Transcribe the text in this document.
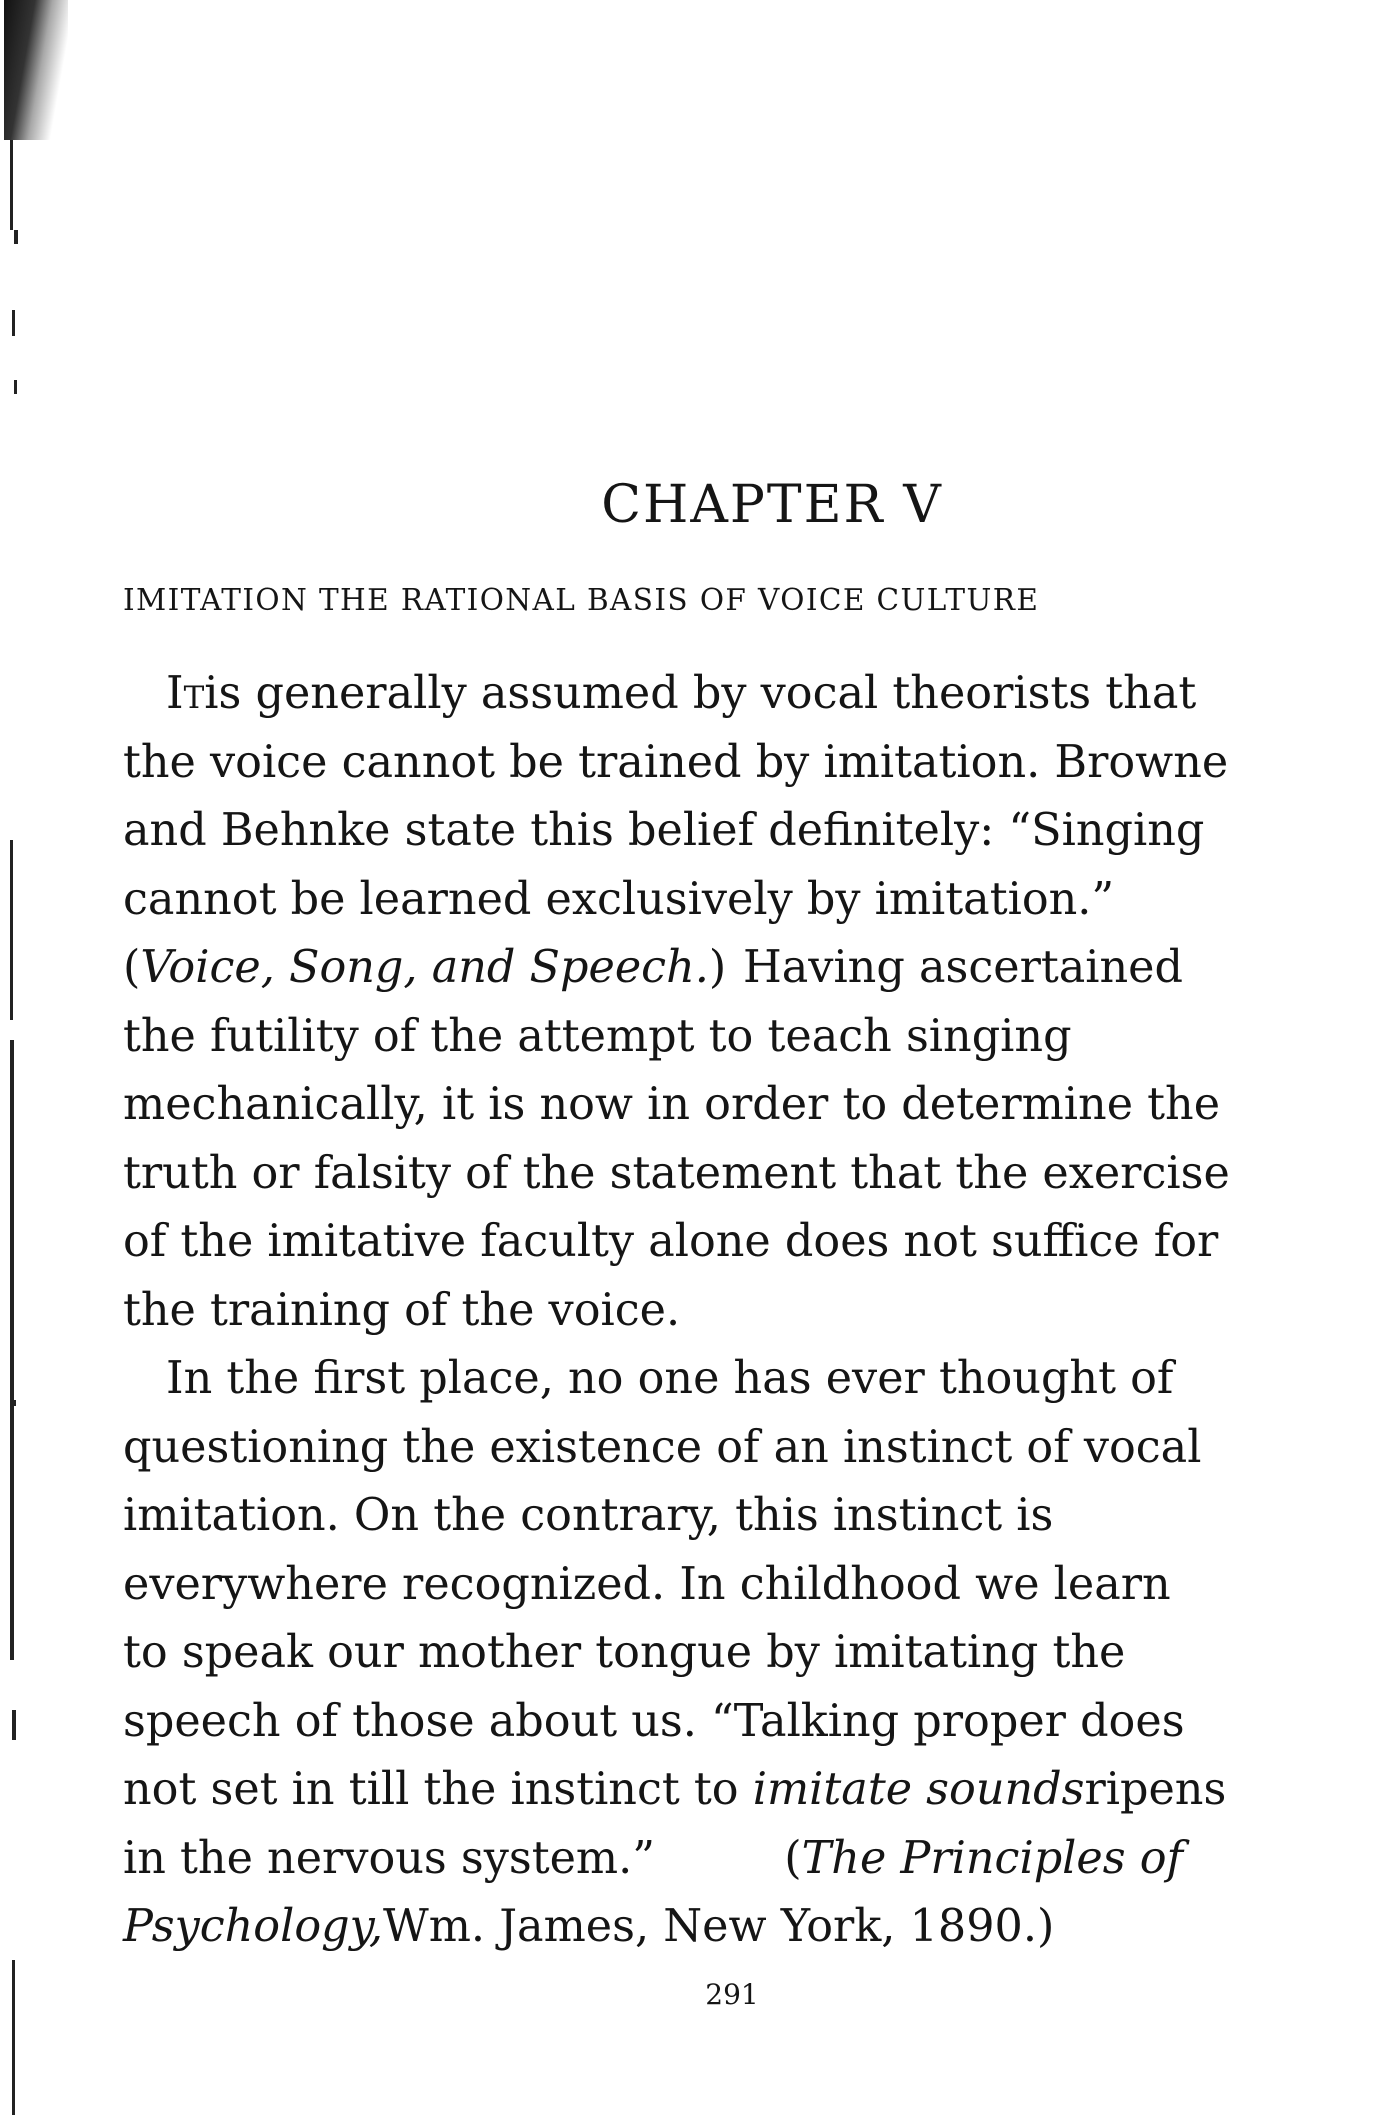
CHAPTER V
IMITATION THE RATIONAL BASIS OF VOICE CULTURE
It is generally assumed by vocal theorists that
the voice cannot be trained by imitation. Browne
and Behnke state this belief definitely: “Singing
cannot be learned exclusively by imitation.”
(Voice, Song, and Speech.) Having ascertained
the futility of the attempt to teach singing
mechanically, it is now in order to determine the
truth or falsity of the statement that the exercise
of the imitative faculty alone does not suffice for
the training of the voice.
In the first place, no one has ever thought of
questioning the existence of an instinct of vocal
imitation. On the contrary, this instinct is
everywhere recognized. In childhood we learn
to speak our mother tongue by imitating the
speech of those about us. “Talking proper does
not set in till the instinct to imitate sounds ripens
in the nervous system.”	(The Principles of
Psychology, Wm. James, New York, 1890.)
291
